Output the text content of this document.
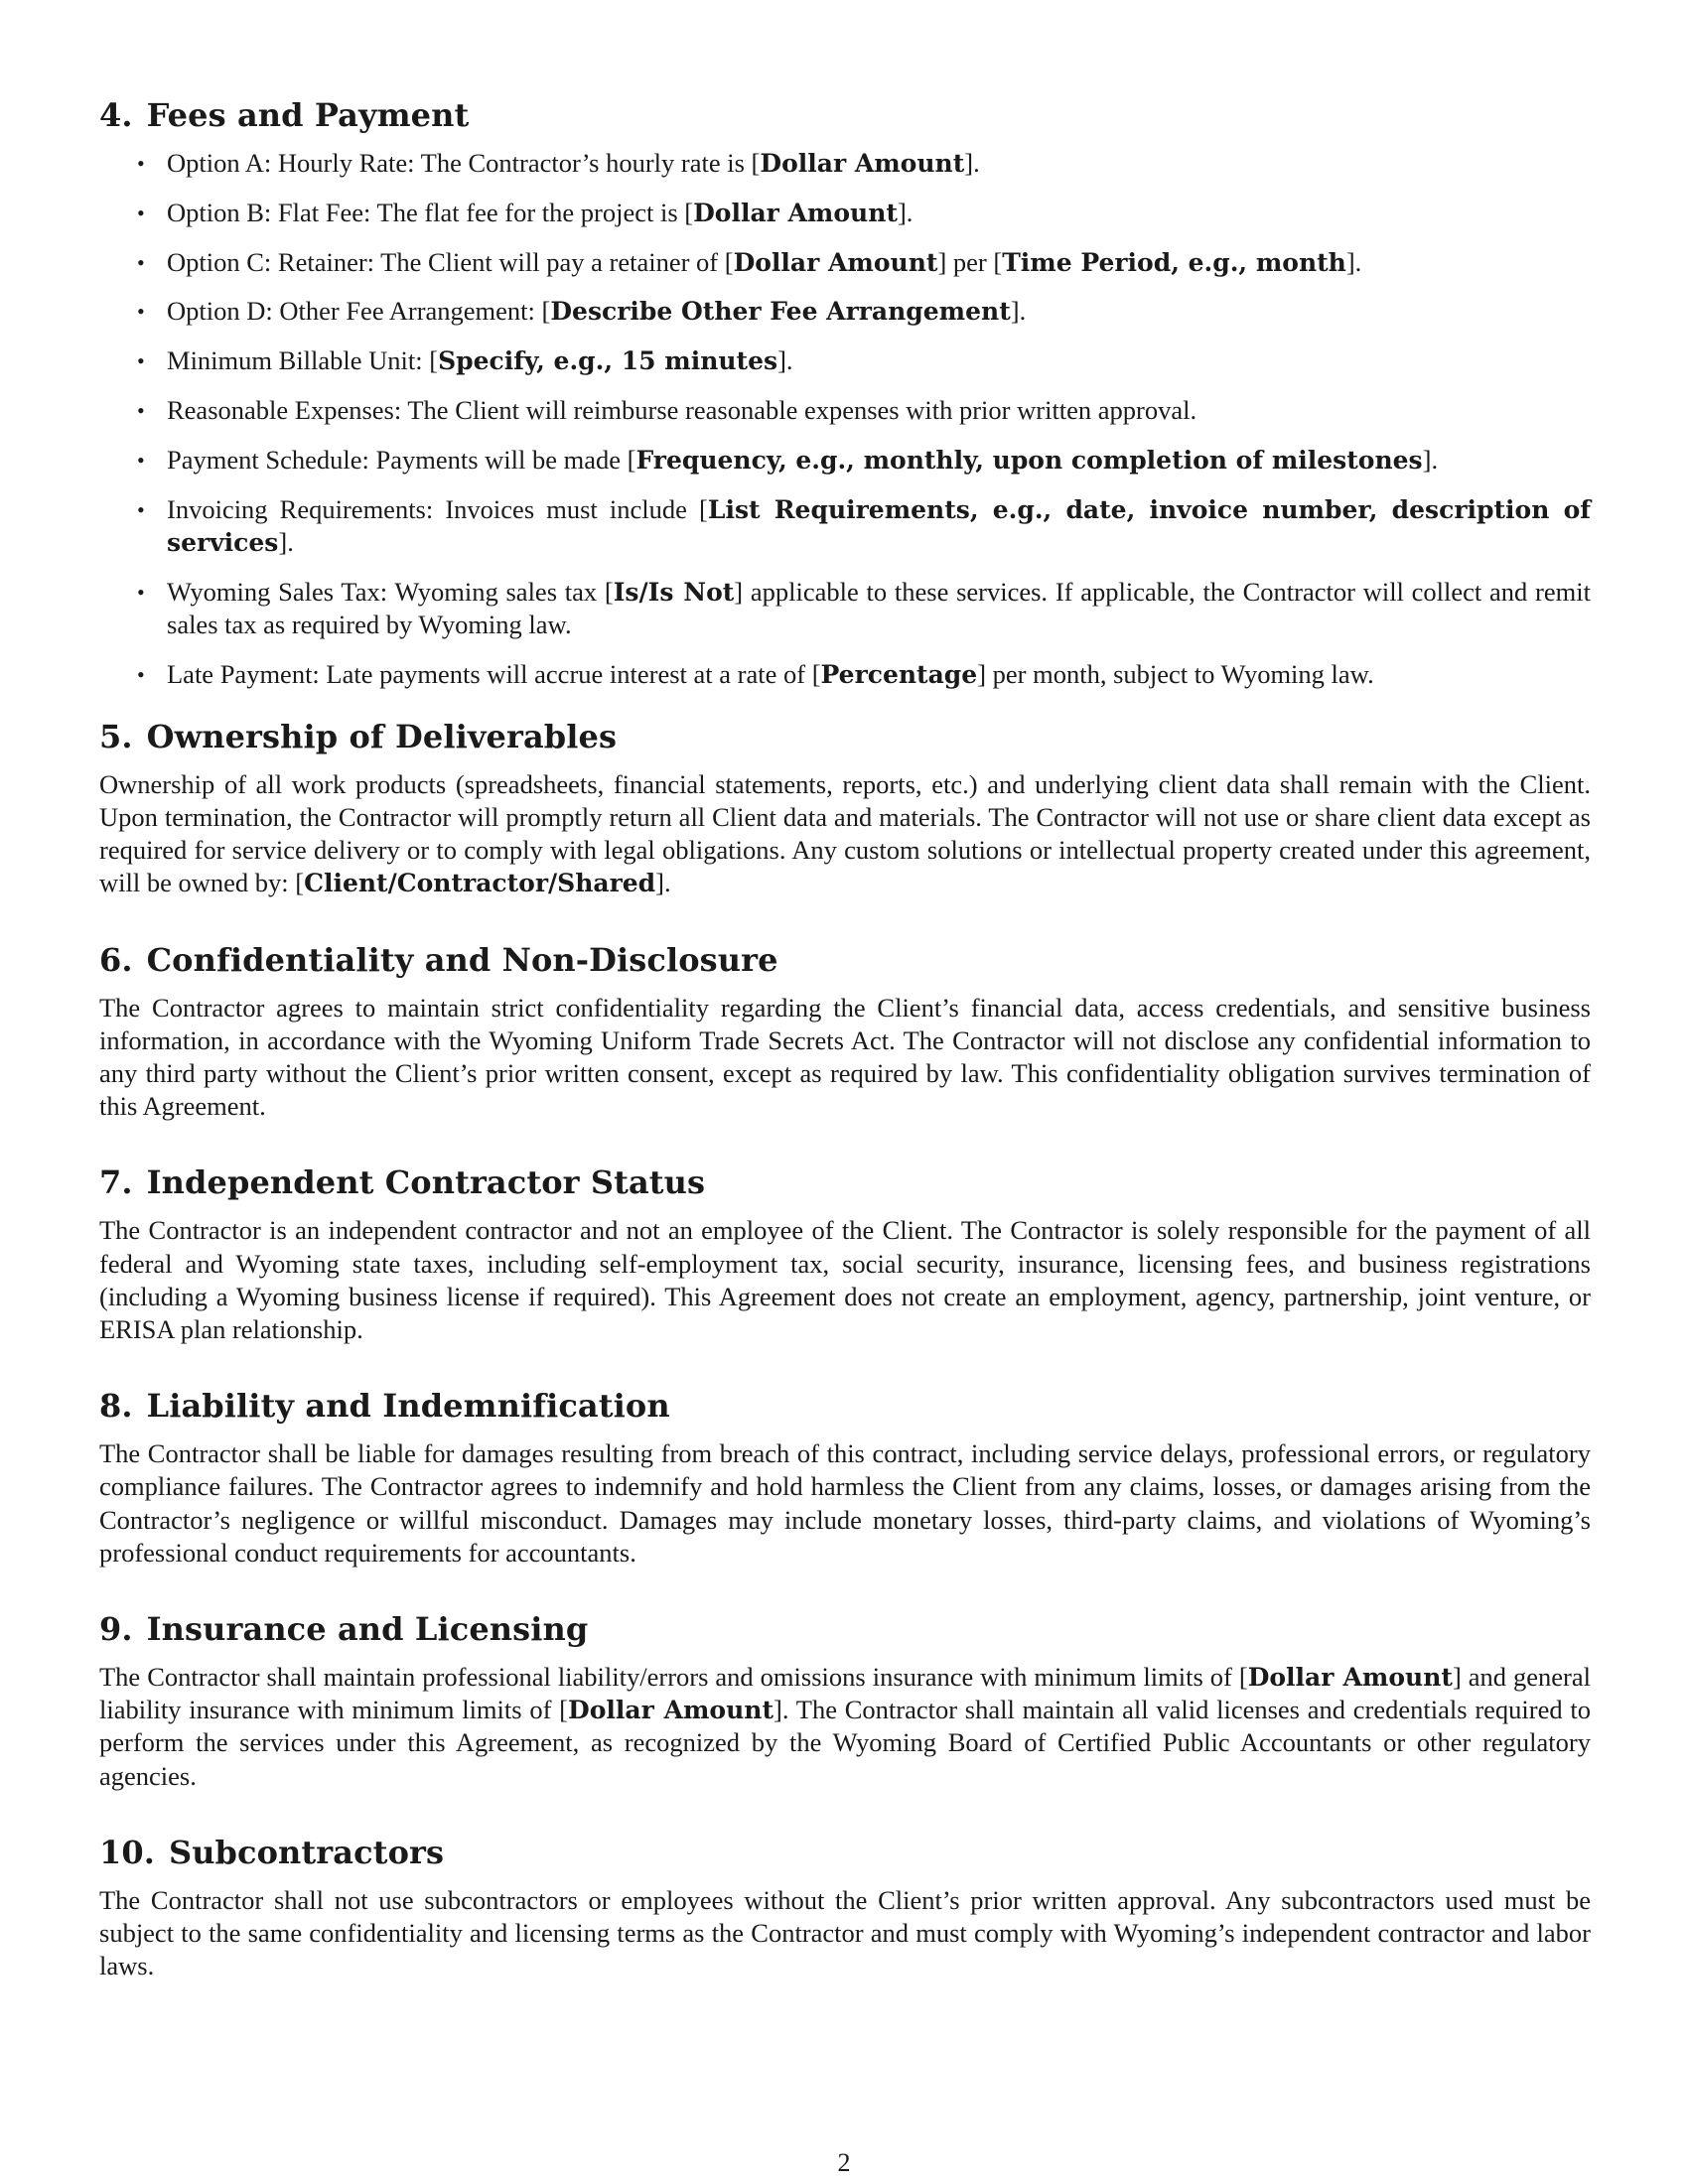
4. Fees and Payment
• Option A: Hourly Rate: The Contractor’s hourly rate is [Dollar Amount].
• Option B: Flat Fee: The flat fee for the project is [Dollar Amount].
• Option C: Retainer: The Client will pay a retainer of [Dollar Amount] per [Time Period, e.g., month].
• Option D: Other Fee Arrangement: [Describe Other Fee Arrangement].
• Minimum Billable Unit: [Specify, e.g., 15 minutes].
• Reasonable Expenses: The Client will reimburse reasonable expenses with prior written approval.
• Payment Schedule: Payments will be made [Frequency, e.g., monthly, upon completion of milestones].
• Invoicing Requirements: Invoices must include [List Requirements, e.g., date, invoice number, description of services].
• Wyoming Sales Tax: Wyoming sales tax [Is/Is Not] applicable to these services. If applicable, the Contractor will collect and remit sales tax as required by Wyoming law.
• Late Payment: Late payments will accrue interest at a rate of [Percentage] per month, subject to Wyoming law.
5. Ownership of Deliverables

Ownership of all work products (spreadsheets, financial statements, reports, etc.) and underlying client data shall remain with the Client. Upon termination, the Contractor will promptly return all Client data and materials. The Contractor will not use or share client data except as required for service delivery or to comply with legal obligations. Any custom solutions or intellectual property created under this agreement, will be owned by: [Client/Contractor/Shared].

6. Confidentiality and Non-Disclosure

The Contractor agrees to maintain strict confidentiality regarding the Client’s financial data, access credentials, and sensitive business information, in accordance with the Wyoming Uniform Trade Secrets Act. The Contractor will not disclose any confidential information to any third party without the Client’s prior written consent, except as required by law. This confidentiality obligation survives termination of this Agreement.

7. Independent Contractor Status

The Contractor is an independent contractor and not an employee of the Client. The Contractor is solely responsible for the payment of all federal and Wyoming state taxes, including self-employment tax, social security, insurance, licensing fees, and business registrations (including a Wyoming business license if required). This Agreement does not create an employment, agency, partnership, joint venture, or ERISA plan relationship.

8. Liability and Indemnification

The Contractor shall be liable for damages resulting from breach of this contract, including service delays, professional errors, or regulatory compliance failures. The Contractor agrees to indemnify and hold harmless the Client from any claims, losses, or damages arising from the Contractor’s negligence or willful misconduct. Damages may include monetary losses, third-party claims, and violations of Wyoming’s professional conduct requirements for accountants.

9. Insurance and Licensing

The Contractor shall maintain professional liability/errors and omissions insurance with minimum limits of [Dollar Amount] and general liability insurance with minimum limits of [Dollar Amount]. The Contractor shall maintain all valid licenses and credentials required to perform the services under this Agreement, as recognized by the Wyoming Board of Certified Public Accountants or other regulatory agencies.

10. Subcontractors

The Contractor shall not use subcontractors or employees without the Client’s prior written approval. Any subcontractors used must be subject to the same confidentiality and licensing terms as the Contractor and must comply with Wyoming’s independent contractor and labor laws.

2
